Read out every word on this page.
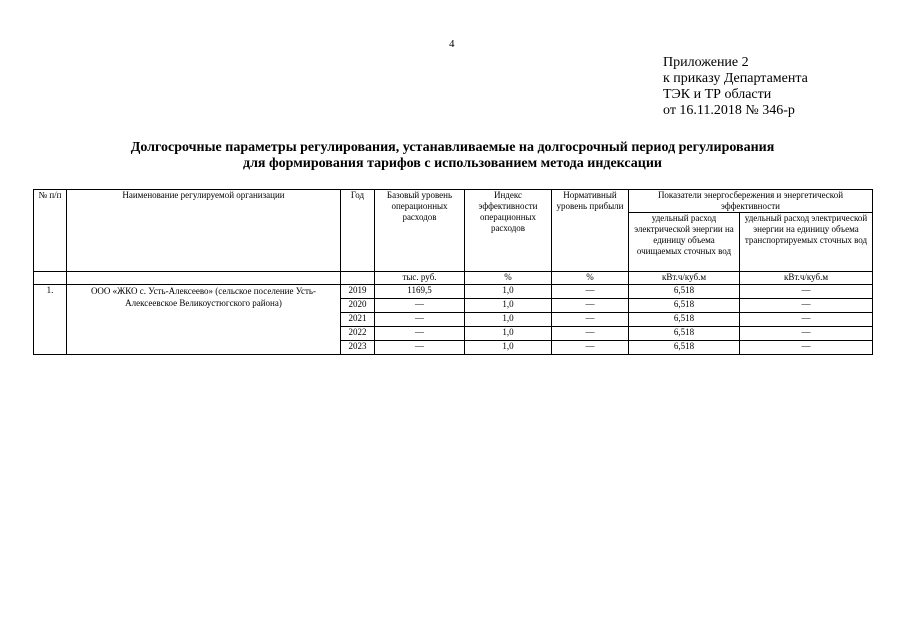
4
Приложение 2
к приказу Департамента
ТЭК и ТР области
от 16.11.2018 № 346-р
Долгосрочные параметры регулирования, устанавливаемые на долгосрочный период регулирования
для формирования тарифов с использованием метода индексации
№ п/п	Наименование регулируемой организации	Год	Базовый уровень операционных расходов	Индекс эффективности операционных расходов	Нормативный уровень прибыли	Показатели энергосбережения и энергетической эффективности	
						удельный расход электрической энергии на единицу объема очищаемых сточных вод	удельный расход электрической энергии на единицу объема транспортируемых сточных вод
			тыс. руб.	%	%	кВт.ч/куб.м	кВт.ч/куб.м
1.	ООО «ЖКО с. Усть-Алексеево» (сельское поселение Усть-Алексеевское Великоустюгского района)	2019	1169,5	1,0	—	6,518	—
		2020	—	1,0	—	6,518	—
		2021	—	1,0	—	6,518	—
		2022	—	1,0	—	6,518	—
		2023	—	1,0	—	6,518	—
